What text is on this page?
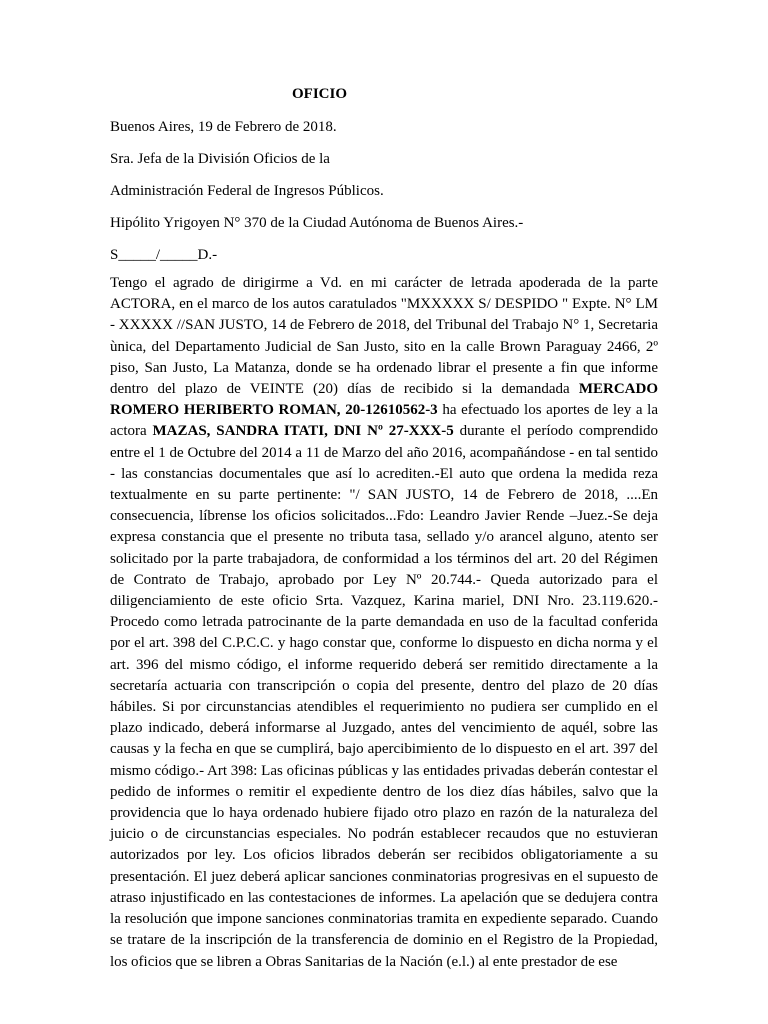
OFICIO
Buenos Aires, 19 de Febrero de 2018.
Sra. Jefa de la División Oficios de la
Administración Federal de Ingresos Públicos.
Hipólito Yrigoyen N° 370 de la Ciudad Autónoma de Buenos Aires.-
S_____/_____D.-
Tengo el agrado de dirigirme a Vd. en mi carácter de letrada apoderada de la parte ACTORA, en el marco de los autos caratulados "MXXXXX S/ DESPIDO " Expte. N° LM - XXXXX //SAN JUSTO, 14 de Febrero de 2018, del Tribunal del Trabajo N° 1, Secretaria ùnica, del Departamento Judicial de San Justo, sito en la calle Brown Paraguay 2466, 2º piso, San Justo, La Matanza, donde se ha ordenado librar el presente a fin que informe dentro del plazo de VEINTE (20) días de recibido si la demandada MERCADO ROMERO HERIBERTO ROMAN, 20-12610562-3 ha efectuado los aportes de ley a la actora MAZAS, SANDRA ITATI, DNI Nº 27-XXX-5 durante el período comprendido entre el 1 de Octubre del 2014 a 11 de Marzo del año 2016, acompañándose - en tal sentido - las constancias documentales que así lo acrediten.-El auto que ordena la medida reza textualmente en su parte pertinente: "/ SAN JUSTO, 14 de Febrero de 2018, ....En consecuencia, líbrense los oficios solicitados...Fdo: Leandro Javier Rende –Juez.-Se deja expresa constancia que el presente no tributa tasa, sellado y/o arancel alguno, atento ser solicitado por la parte trabajadora, de conformidad a los términos del art. 20 del Régimen de Contrato de Trabajo, aprobado por Ley Nº 20.744.- Queda autorizado para el diligenciamiento de este oficio Srta. Vazquez, Karina mariel, DNI Nro. 23.119.620.-Procedo como letrada patrocinante de la parte demandada en uso de la facultad conferida por el art. 398 del C.P.C.C. y hago constar que, conforme lo dispuesto en dicha norma y el art. 396 del mismo código, el informe requerido deberá ser remitido directamente a la secretaría actuaria con transcripción o copia del presente, dentro del plazo de 20 días hábiles. Si por circunstancias atendibles el requerimiento no pudiera ser cumplido en el plazo indicado, deberá informarse al Juzgado, antes del vencimiento de aquél, sobre las causas y la fecha en que se cumplirá, bajo apercibimiento de lo dispuesto en el art. 397 del mismo código.- Art 398: Las oficinas públicas y las entidades privadas deberán contestar el pedido de informes o remitir el expediente dentro de los diez días hábiles, salvo que la providencia que lo haya ordenado hubiere fijado otro plazo en razón de la naturaleza del juicio o de circunstancias especiales. No podrán establecer recaudos que no estuvieran autorizados por ley. Los oficios librados deberán ser recibidos obligatoriamente a su presentación. El juez deberá aplicar sanciones conminatorias progresivas en el supuesto de atraso injustificado en las contestaciones de informes. La apelación que se dedujera contra la resolución que impone sanciones conminatorias tramita en expediente separado. Cuando se tratare de la inscripción de la transferencia de dominio en el Registro de la Propiedad, los oficios que se libren a Obras Sanitarias de la Nación (e.l.) al ente prestador de ese
